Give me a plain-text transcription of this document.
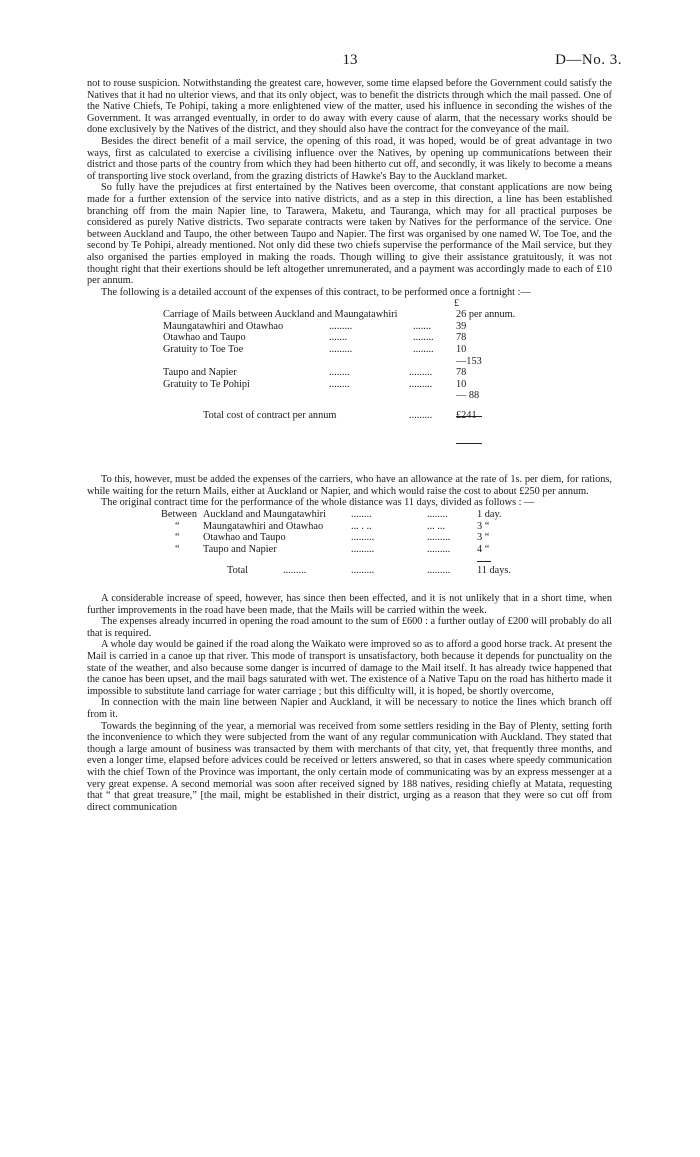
13	D—No. 3.

not to rouse suspicion. Notwithstanding the greatest care, however, some time elapsed before the Government could satisfy the Natives that it had no ulterior views, and that its only object, was to benefit the districts through which the mail passed. One of the Native Chiefs, Te Pohipi, taking a more enlightened view of the matter, used his influence in seconding the wishes of the Government. It was arranged eventually, in order to do away with every cause of alarm, that the necessary works should be done exclusively by the Natives of the district, and they should also have the contract for the conveyance of the mail.

Besides the direct benefit of a mail service, the opening of this road, it was hoped, would be of great advantage in two ways, first as calculated to exercise a civilising influence over the Natives, by opening up communications between their district and those parts of the country from which they had been hitherto cut off, and secondly, it was likely to become a means of transporting live stock overland, from the grazing districts of Hawke's Bay to the Auckland market.

So fully have the prejudices at first entertained by the Natives been overcome, that constant applications are now being made for a further extension of the service into native districts, and as a step in this direction, a line has been established branching off from the main Napier line, to Tarawera, Maketu, and Tauranga, which may for all practical purposes be considered as purely Native districts. Two separate contracts were taken by Natives for the performance of the service. One between Auckland and Taupo, the other between Taupo and Napier. The first was organised by one named W. Toe Toe, and the second by Te Pohipi, already mentioned. Not only did these two chiefs supervise the performance of the Mail service, but they also organised the parties employed in making the roads. Though willing to give their assistance gratuitously, it was not thought right that their exertions should be left altogether unremunerated, and a payment was accordingly made to each of £10 per annum.

The following is a detailed account of the expenses of this contract, to be performed once a fortnight :—

£
Carriage of Mails between Auckland and Maungatawhiri	26 per annum.
Maungatawhiri and Otawhao	.........	....... 39
Otawhao and Taupo	.......	........ 78
Gratuity to Toe Toe	.........	........ 10
—153
Taupo and Napier	........	......... 78
Gratuity to Te Pohipi	........	......... 10
— 88
Total cost of contract per annum	......... £241

To this, however, must be added the expenses of the carriers, who have an allowance at the rate of 1s. per diem, for rations, while waiting for the return Mails, either at Auckland or Napier, and which would raise the cost to about £250 per annum.

The original contract time for the performance of the whole distance was 11 days, divided as follows : —

Between Auckland and Maungatawhiri ........	........	1 day.
“ Maungatawhiri and Otawhao	... . ..	... ...	3 “
“ Otawhao and Taupo	.........	.........	3 “
“ Taupo and Napier	.........	.........	4 “
Total	.........	.........	.........	11 days.

A considerable increase of speed, however, has since then been effected, and it is not unlikely that in a short time, when further improvements in the road have been made, that the Mails will be carried within the week.

The expenses already incurred in opening the road amount to the sum of £600 : a further outlay of £200 will probably do all that is required.

A whole day would be gained if the road along the Waikato were improved so as to afford a good horse track. At present the Mail is carried in a canoe up that river. This mode of transport is unsatisfactory, both because it depends for punctuality on the state of the weather, and also because some danger is incurred of damage to the Mail itself. It has already twice happened that the canoe has been upset, and the mail bags saturated with wet. The existence of a Native Tapu on the road has hitherto made it impossible to substitute land carriage for water carriage ; but this difficulty will, it is hoped, be shortly overcome,

In connection with the main line between Napier and Auckland, it will be necessary to notice the lines which branch off from it.

Towards the beginning of the year, a memorial was received from some settlers residing in the Bay of Plenty, setting forth the inconvenience to which they were subjected from the want of any regular communication with Auckland. They stated that though a large amount of business was transacted by them with merchants of that city, yet, that frequently three months, and even a longer time, elapsed before advices could be received or letters answered, so that in cases where speedy communication with the chief Town of the Province was important, the only certain mode of communicating was by an express messenger at a very great expense. A second memorial was soon after received signed by 188 natives, residing chiefly at Matata, requesting that “ that great treasure,” [the mail, might be established in their district, urging as a reason that they were so cut off from direct communication
